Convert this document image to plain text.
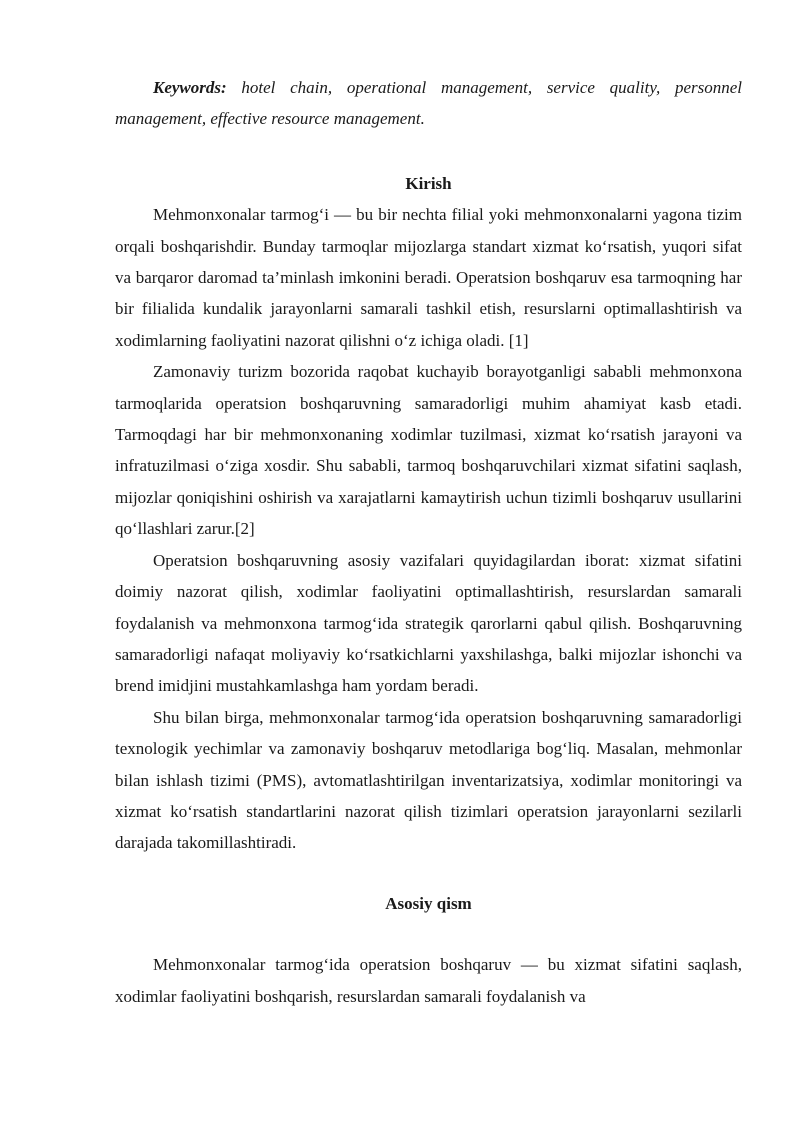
Keywords: hotel chain, operational management, service quality, personnel management, effective resource management.

Kirish

Mehmonxonalar tarmog‘i — bu bir nechta filial yoki mehmonxonalarni yagona tizim orqali boshqarishdir. Bunday tarmoqlar mijozlarga standart xizmat ko‘rsatish, yuqori sifat va barqaror daromad ta’minlash imkonini beradi. Operatsion boshqaruv esa tarmoqning har bir filialida kundalik jarayonlarni samarali tashkil etish, resurslarni optimallashtirish va xodimlarning faoliyatini nazorat qilishni o‘z ichiga oladi. [1]

Zamonaviy turizm bozorida raqobat kuchayib borayotganligi sababli mehmonxona tarmoqlarida operatsion boshqaruvning samaradorligi muhim ahamiyat kasb etadi. Tarmoqdagi har bir mehmonxonaning xodimlar tuzilmasi, xizmat ko‘rsatish jarayoni va infratuzilmasi o‘ziga xosdir. Shu sababli, tarmoq boshqaruvchilari xizmat sifatini saqlash, mijozlar qoniqishini oshirish va xarajatlarni kamaytirish uchun tizimli boshqaruv usullarini qo‘llashlari zarur.[2]

Operatsion boshqaruvning asosiy vazifalari quyidagilardan iborat: xizmat sifatini doimiy nazorat qilish, xodimlar faoliyatini optimallashtirish, resurslardan samarali foydalanish va mehmonxona tarmog‘ida strategik qarorlarni qabul qilish. Boshqaruvning samaradorligi nafaqat moliyaviy ko‘rsatkichlarni yaxshilashga, balki mijozlar ishonchi va brend imidjini mustahkamlashga ham yordam beradi.

Shu bilan birga, mehmonxonalar tarmog‘ida operatsion boshqaruvning samaradorligi texnologik yechimlar va zamonaviy boshqaruv metodlariga bog‘liq. Masalan, mehmonlar bilan ishlash tizimi (PMS), avtomatlashtirilgan inventarizatsiya, xodimlar monitoringi va xizmat ko‘rsatish standartlarini nazorat qilish tizimlari operatsion jarayonlarni sezilarli darajada takomillashtiradi.

Asosiy qism

Mehmonxonalar tarmog‘ida operatsion boshqaruv — bu xizmat sifatini saqlash, xodimlar faoliyatini boshqarish, resurslardan samarali foydalanish va
